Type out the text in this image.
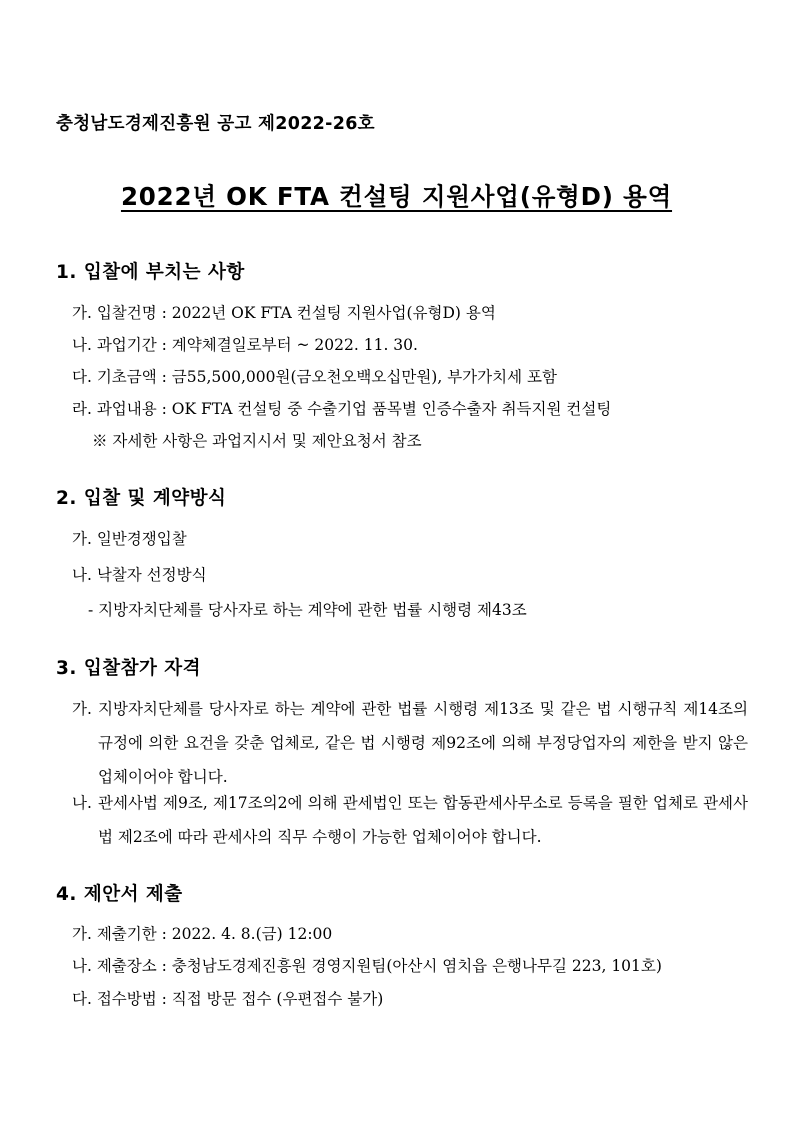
충청남도경제진흥원 공고 제2022-26호
2022년 OK FTA 컨설팅 지원사업(유형D) 용역
1. 입찰에 부치는 사항
가. 입찰건명 : 2022년 OK FTA 컨설팅 지원사업(유형D) 용역
나. 과업기간 : 계약체결일로부터 ~ 2022. 11. 30.
다. 기초금액 : 금55,500,000원(금오천오백오십만원), 부가가치세 포함
라. 과업내용 : OK FTA 컨설팅 중 수출기업 품목별 인증수출자 취득지원 컨설팅
※ 자세한 사항은 과업지시서 및 제안요청서 참조
2. 입찰 및 계약방식
가. 일반경쟁입찰
나. 낙찰자 선정방식
- 지방자치단체를 당사자로 하는 계약에 관한 법률 시행령 제43조
3. 입찰참가 자격
가. 지방자치단체를 당사자로 하는 계약에 관한 법률 시행령 제13조 및 같은 법 시행규칙 제14조의 규정에 의한 요건을 갖춘 업체로, 같은 법 시행령 제92조에 의해 부정당업자의 제한을 받지 않은 업체이어야 합니다.
나. 관세사법 제9조, 제17조의2에 의해 관세법인 또는 합동관세사무소로 등록을 필한 업체로 관세사법 제2조에 따라 관세사의 직무 수행이 가능한 업체이어야 합니다.
4. 제안서 제출
가. 제출기한 : 2022. 4. 8.(금) 12:00
나. 제출장소 : 충청남도경제진흥원 경영지원팀(아산시 염치읍 은행나무길 223, 101호)
다. 접수방법 : 직접 방문 접수 (우편접수 불가)
